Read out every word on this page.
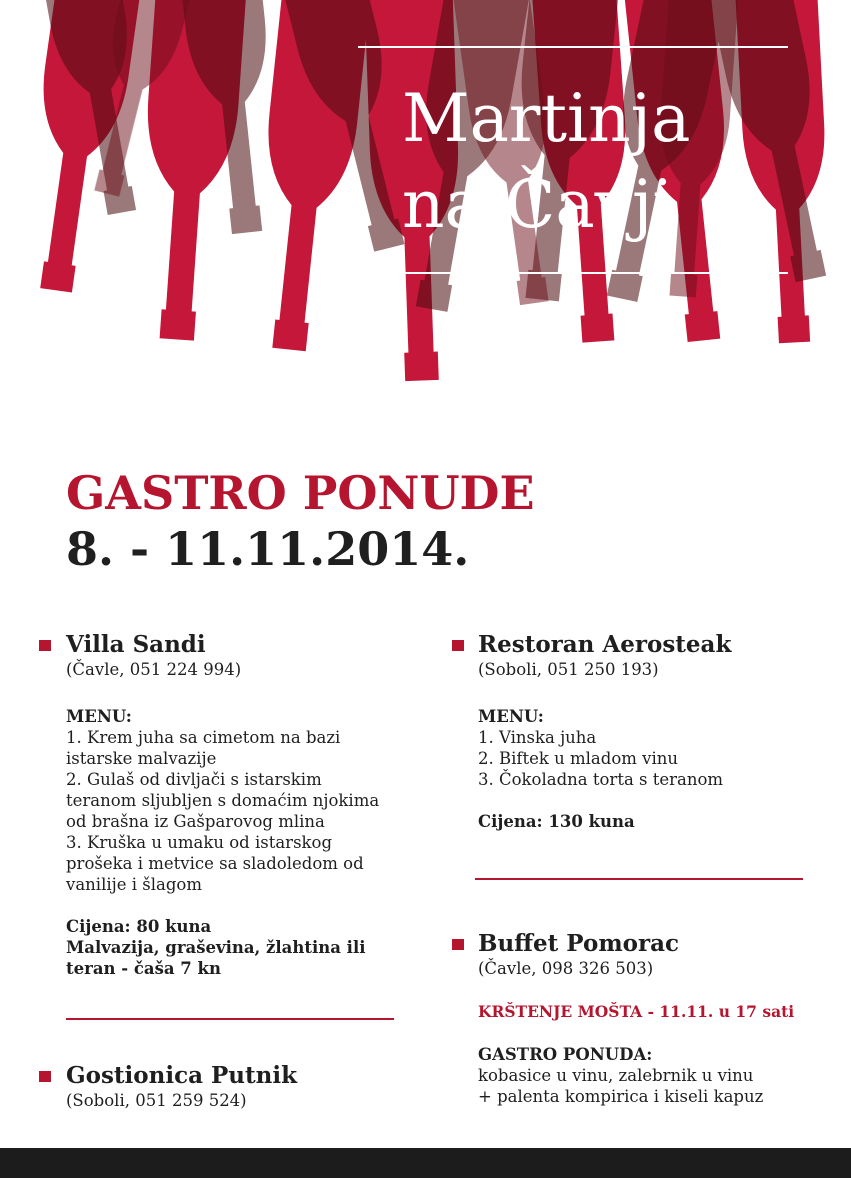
Martinja
na Čavji
GASTRO PONUDE
8. - 11.11.2014.
Villa Sandi
(Čavle, 051 224 994)
MENU:
1. Krem juha sa cimetom na bazi
istarske malvazije
2. Gulaš od divljači s istarskim
teranom sljubljen s domaćim njokima
od brašna iz Gašparovog mlina
3. Kruška u umaku od istarskog
prošeka i metvice sa sladoledom od
vanilije i šlagom
Cijena: 80 kuna
Malvazija, graševina, žlahtina ili
teran - čaša 7 kn
Gostionica Putnik
(Soboli, 051 259 524)
Restoran Aerosteak
(Soboli, 051 250 193)
MENU:
1. Vinska juha
2. Biftek u mladom vinu
3. Čokoladna torta s teranom
Cijena: 130 kuna
Buffet Pomorac
(Čavle, 098 326 503)
KRŠTENJE MOŠTA - 11.11. u 17 sati
GASTRO PONUDA:
kobasice u vinu, zalebrnik u vinu
+ palenta kompirica i kiseli kapuz
